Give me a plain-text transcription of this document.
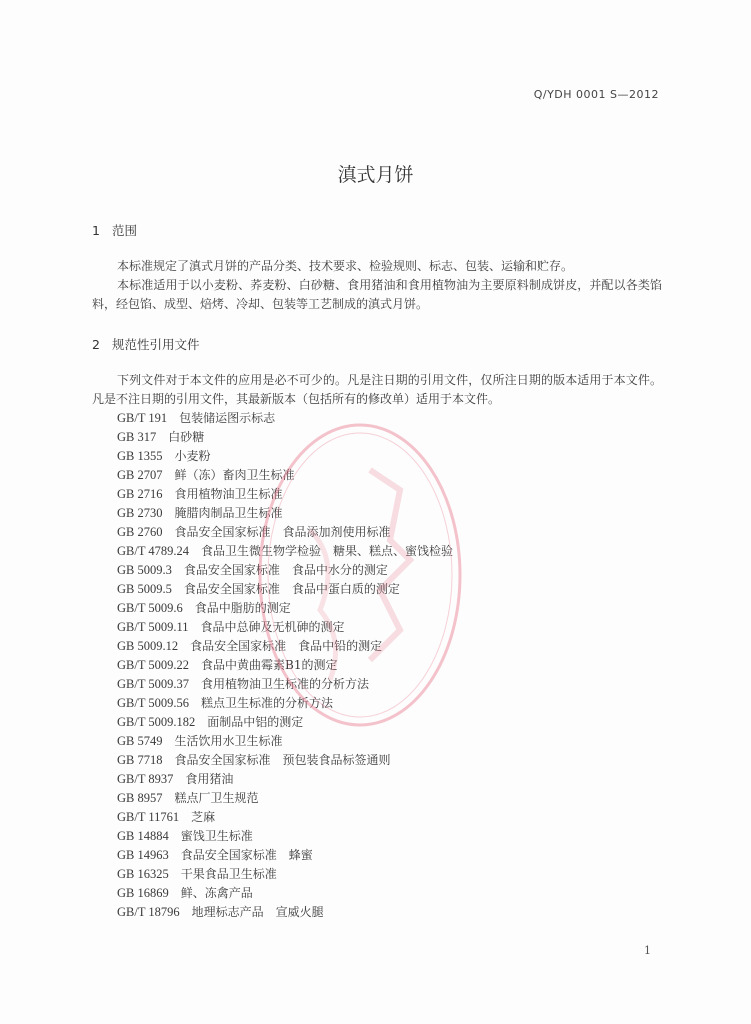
Q/YDH 0001 S—2012
滇式月饼
1 范围
本标准规定了滇式月饼的产品分类、技术要求、检验规则、标志、包装、运输和贮存。
本标准适用于以小麦粉、荞麦粉、白砂糖、食用猪油和食用植物油为主要原料制成饼皮，并配以各类馅料，经包馅、成型、焙烤、冷却、包装等工艺制成的滇式月饼。
2 规范性引用文件
下列文件对于本文件的应用是必不可少的。凡是注日期的引用文件，仅所注日期的版本适用于本文件。凡是不注日期的引用文件，其最新版本（包括所有的修改单）适用于本文件。
GB/T 191 包装储运图示标志
GB 317 白砂糖
GB 1355 小麦粉
GB 2707 鲜（冻）畜肉卫生标准
GB 2716 食用植物油卫生标准
GB 2730 腌腊肉制品卫生标准
GB 2760 食品安全国家标准　食品添加剂使用标准
GB/T 4789.24 食品卫生微生物学检验　糖果、糕点、蜜饯检验
GB 5009.3 食品安全国家标准　食品中水分的测定
GB 5009.5 食品安全国家标准　食品中蛋白质的测定
GB/T 5009.6 食品中脂肪的测定
GB/T 5009.11 食品中总砷及无机砷的测定
GB 5009.12 食品安全国家标准　食品中铅的测定
GB/T 5009.22 食品中黄曲霉素B1的测定
GB/T 5009.37 食用植物油卫生标准的分析方法
GB/T 5009.56 糕点卫生标准的分析方法
GB/T 5009.182 面制品中铝的测定
GB 5749 生活饮用水卫生标准
GB 7718 食品安全国家标准　预包装食品标签通则
GB/T 8937 食用猪油
GB 8957 糕点厂卫生规范
GB/T 11761 芝麻
GB 14884 蜜饯卫生标准
GB 14963 食品安全国家标准　蜂蜜
GB 16325 干果食品卫生标准
GB 16869 鲜、冻禽产品
GB/T 18796 地理标志产品　宣威火腿
1
